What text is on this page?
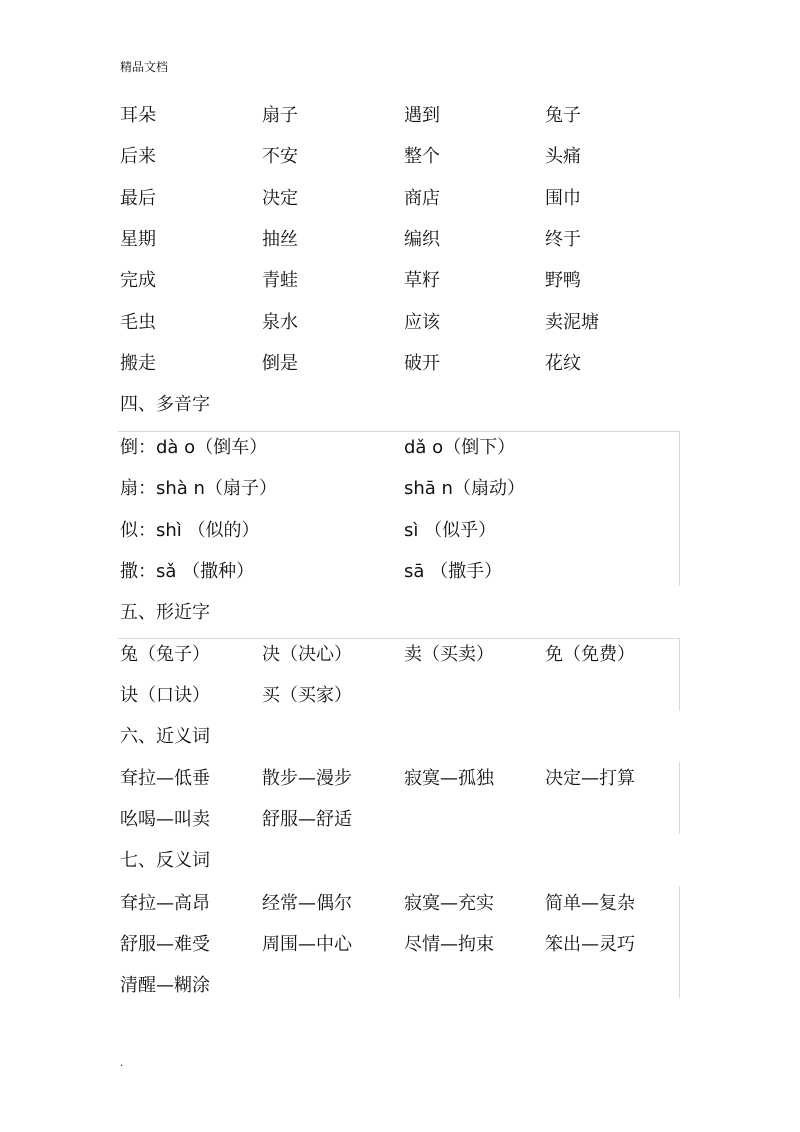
精品文档
耳朵	扇子	遇到	兔子
后来	不安	整个	头痛
最后	决定	商店	围巾
星期	抽丝	编织	终于
完成	青蛙	草籽	野鸭
毛虫	泉水	应该	卖泥塘
搬走	倒是	破开	花纹
四、多音字
倒：dà o（倒车）	dǎ o（倒下）
扇：shà n（扇子）	shā n（扇动）
似：shì （似的）	sì （似乎）
撒：sǎ （撒种）	sā （撒手）
五、形近字
兔（兔子）	决（决心）	卖（买卖）	免（免费）
诀（口诀）	买（买家）
六、近义词
耷拉—低垂	散步—漫步	寂寞—孤独	决定—打算
吆喝—叫卖	舒服—舒适
七、反义词
耷拉—高昂	经常—偶尔	寂寞—充实	简单—复杂
舒服—难受	周围—中心	尽情—拘束	笨出—灵巧
清醒—糊涂
.
